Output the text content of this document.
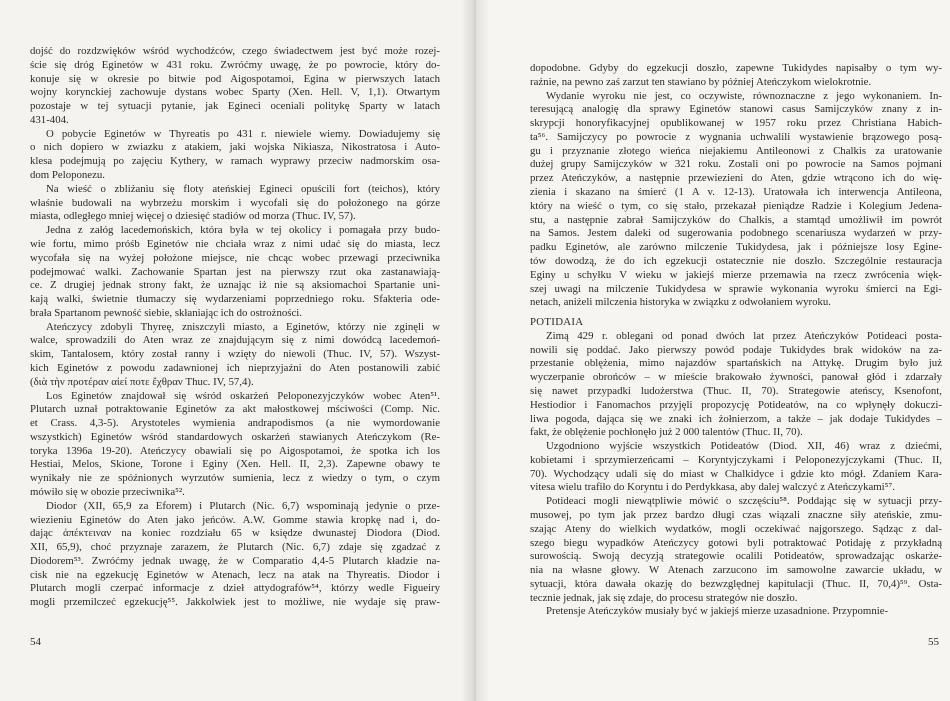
dojść do rozdzwięków wśród wychodźców, czego świadectwem jest być może rozej-
ście się dróg Eginetów w 431 roku. Zwróćmy uwagę, że po powrocie, który do-
konuje się w okresie po bitwie pod Aigospotamoi, Egina w pierwszych latach
wojny korynckiej zachowuje dystans wobec Sparty (Xen. Hell. V, 1,1). Otwartym
pozostaje w tej sytuacji pytanie, jak Egineci oceniali politykę Sparty w latach
431-404.
O pobycie Eginetów w Thyreatis po 431 r. niewiele wiemy. Dowiadujemy się
o nich dopiero w zwiazku z atakiem, jaki wojska Nikiasza, Nikostratosa i Auto-
klesa podejmują po zajęciu Kythery, w ramach wyprawy przeciw nadmorskim osa-
dom Peloponezu.
Na wieść o zbliżaniu się floty ateńskiej Egineci opuścili fort (teichos), który
właśnie budowali na wybrzeżu morskim i wycofali się do położonego na górze
miasta, odległego mniej więcej o dziesięć stadiów od morza (Thuc. IV, 57).
Jedna z załóg lacedemońskich, która była w tej okolicy i pomagała przy budo-
wie fortu, mimo próśb Eginetów nie chciała wraz z nimi udać się do miasta, lecz
wycofała się na wyżej położone miejsce, nie chcąc wobec przewagi przeciwnika
podejmować walki. Zachowanie Spartan jest na pierwszy rzut oka zastanawiają-
ce. Z drugiej jednak strony fakt, że uznając iż nie są aksiomachoi Spartanie uni-
kają walki, świetnie tłumaczy się wydarzeniami poprzedniego roku. Sfakteria ode-
brała Spartanom pewność siebie, skłaniając ich do ostrożności.
Ateńczycy zdobyli Thyreę, zniszczyli miasto, a Eginetów, którzy nie zginęli w
walce, sprowadzili do Aten wraz ze znajdującym się z nimi dowódcą lacedemoń-
skim, Tantalosem, który został ranny i wzięty do niewoli (Thuc. IV, 57). Wszyst-
kich Eginetów z powodu zadawnionej ich nieprzyjaźni do Aten postanowili zabić
(διὰ τὴν προτέραν αἰεί ποτε ἔχθραν Thuc. IV, 57,4).
Los Eginetów znajdował się wśród oskarżeń Peloponezyjczyków wobec Aten⁵¹.
Plutarch uznał potraktowanie Eginetów za akt małostkowej mściwości (Comp. Nic.
et Crass. 4,3-5). Arystoteles wymienia andrapodismos (a nie wymordowanie
wszystkich) Eginetów wśród standardowych oskarżeń stawianych Ateńczykom (Re-
toryka 1396a 19-20). Ateńczycy obawiali się po Aigospotamoi, że spotka ich los
Hestiai, Melos, Skione, Torone i Eginy (Xen. Hell. II, 2,3). Zapewne obawy te
wynikały nie ze spóźnionych wyrzutów sumienia, lecz z wiedzy o tym, o czym
mówiło się w obozie przeciwnika⁵².
Diodor (XII, 65,9 za Eforem) i Plutarch (Nic. 6,7) wspominają jedynie o prze-
wiezieniu Eginetów do Aten jako jeńców. A.W. Gomme stawia kropkę nad i, do-
dając ἀπέκτειναν na koniec rozdziału 65 w księdze dwunastej Diodora (Diod.
XII, 65,9), choć przyznaje zarazem, że Plutarch (Nic. 6,7) zdaje się zgadzać z
Diodorem⁵³. Zwróćmy jednak uwagę, że w Comparatio 4,4-5 Plutarch kładzie na-
cisk nie na egzekucję Eginetów w Atenach, lecz na atak na Thyreatis. Diodor i
Plutarch mogli czerpać informacje z dzieł attydografów⁵⁴, którzy wedle Figueiry
mogli przemilczeć egzekucję⁵⁵. Jakkolwiek jest to możliwe, nie wydaje się praw-
54
dopodobne. Gdyby do egzekucji doszło, zapewne Tukidydes napisałby o tym wy-
raźnie, na pewno zaś zarzut ten stawiano by później Ateńczykom wielokrotnie.
Wydanie wyroku nie jest, co oczywiste, równoznaczne z jego wykonaniem. In-
teresującą analogię dla sprawy Eginetów stanowi casus Samijczyków znany z in-
skrypcji honoryfikacyjnej opublikowanej w 1957 roku przez Christiana Habich-
ta⁵⁶. Samijczycy po powrocie z wygnania uchwalili wystawienie brązowego posą-
gu i przyznanie złotego wieńca niejakiemu Antileonowi z Chalkis za uratowanie
dużej grupy Samijczyków w 321 roku. Zostali oni po powrocie na Samos pojmani
przez Ateńczyków, a następnie przewiezieni do Aten, gdzie wtrącono ich do wię-
zienia i skazano na śmierć (1 A v. 12-13). Uratowała ich interwencja Antileona,
który na wieść o tym, co się stało, przekazał pieniądze Radzie i Kolegium Jedena-
stu, a następnie zabrał Samijczyków do Chalkis, a stamtąd umożliwił im powrót
na Samos. Jestem daleki od sugerowania podobnego scenariusza wydarzeń w przy-
padku Eginetów, ale zarówno milczenie Tukidydesa, jak i późniejsze losy Egine-
tów dowodzą, że do ich egzekucji ostatecznie nie doszło. Szczególnie restauracja
Eginy u schyłku V wieku w jakiejś mierze przemawia na rzecz zwrócenia więk-
szej uwagi na milczenie Tukidydesa w sprawie wykonania wyroku śmierci na Egi-
netach, aniżeli milczenia historyka w związku z odwołaniem wyroku.
POTIDAIA
Zimą 429 r. oblegani od ponad dwóch lat przez Ateńczyków Potideaci posta-
nowili się poddać. Jako pierwszy powód podaje Tukidydes brak widoków na za-
przestanie oblężenia, mimo najazdów spartańskich na Attykę. Drugim było już
wyczerpanie obrońców – w mieście brakowało żywności, panował głód i zdarzały
się nawet przypadki ludożerstwa (Thuc. II, 70). Strategowie ateńscy, Ksenofont,
Hestiodior i Fanomachos przyjęli propozycję Potideatów, na co wpłynęły dokuczi-
liwa pogoda, dająca się we znaki ich żołnierzom, a także – jak dodaje Tukidydes –
fakt, że oblężenie pochłonęło już 2 000 talentów (Thuc. II, 70).
Uzgodniono wyjście wszystkich Potideatów (Diod. XII, 46) wraz z dziećmi,
kobietami i sprzymierzeńcami – Koryntyjczykami i Peloponezyjczykami (Thuc. II,
70). Wychodzący udali się do miast w Chalkidyce i gdzie kto mógł. Zdaniem Kara-
vitesa wielu trafiło do Koryntu i do Perdykkasa, aby dalej walczyć z Ateńczykami⁵⁷.
Potideaci mogli niewątpliwie mówić o szczęściu⁵⁸. Poddając się w sytuacji przy-
musowej, po tym jak przez bardzo długi czas wiązali znaczne siły ateńskie, zmu-
szając Ateny do wielkich wydatków, mogli oczekiwać najgorszego. Sądząc z dal-
szego biegu wypadków Ateńczycy gotowi byli potraktować Potidaję z przykładną
surowością. Swoją decyzją strategowie ocalili Potideatów, sprowadzając oskarże-
nia na własne głowy. W Atenach zarzucono im samowolne zawarcie układu, w
sytuacji, która dawała okazję do bezwzględnej kapitulacji (Thuc. II, 70,4)⁵⁹. Osta-
tecznie jednak, jak się zdaje, do procesu strategów nie doszło.
Pretensje Ateńczyków musiały być w jakiejś mierze uzasadnione. Przypomnie-
55
